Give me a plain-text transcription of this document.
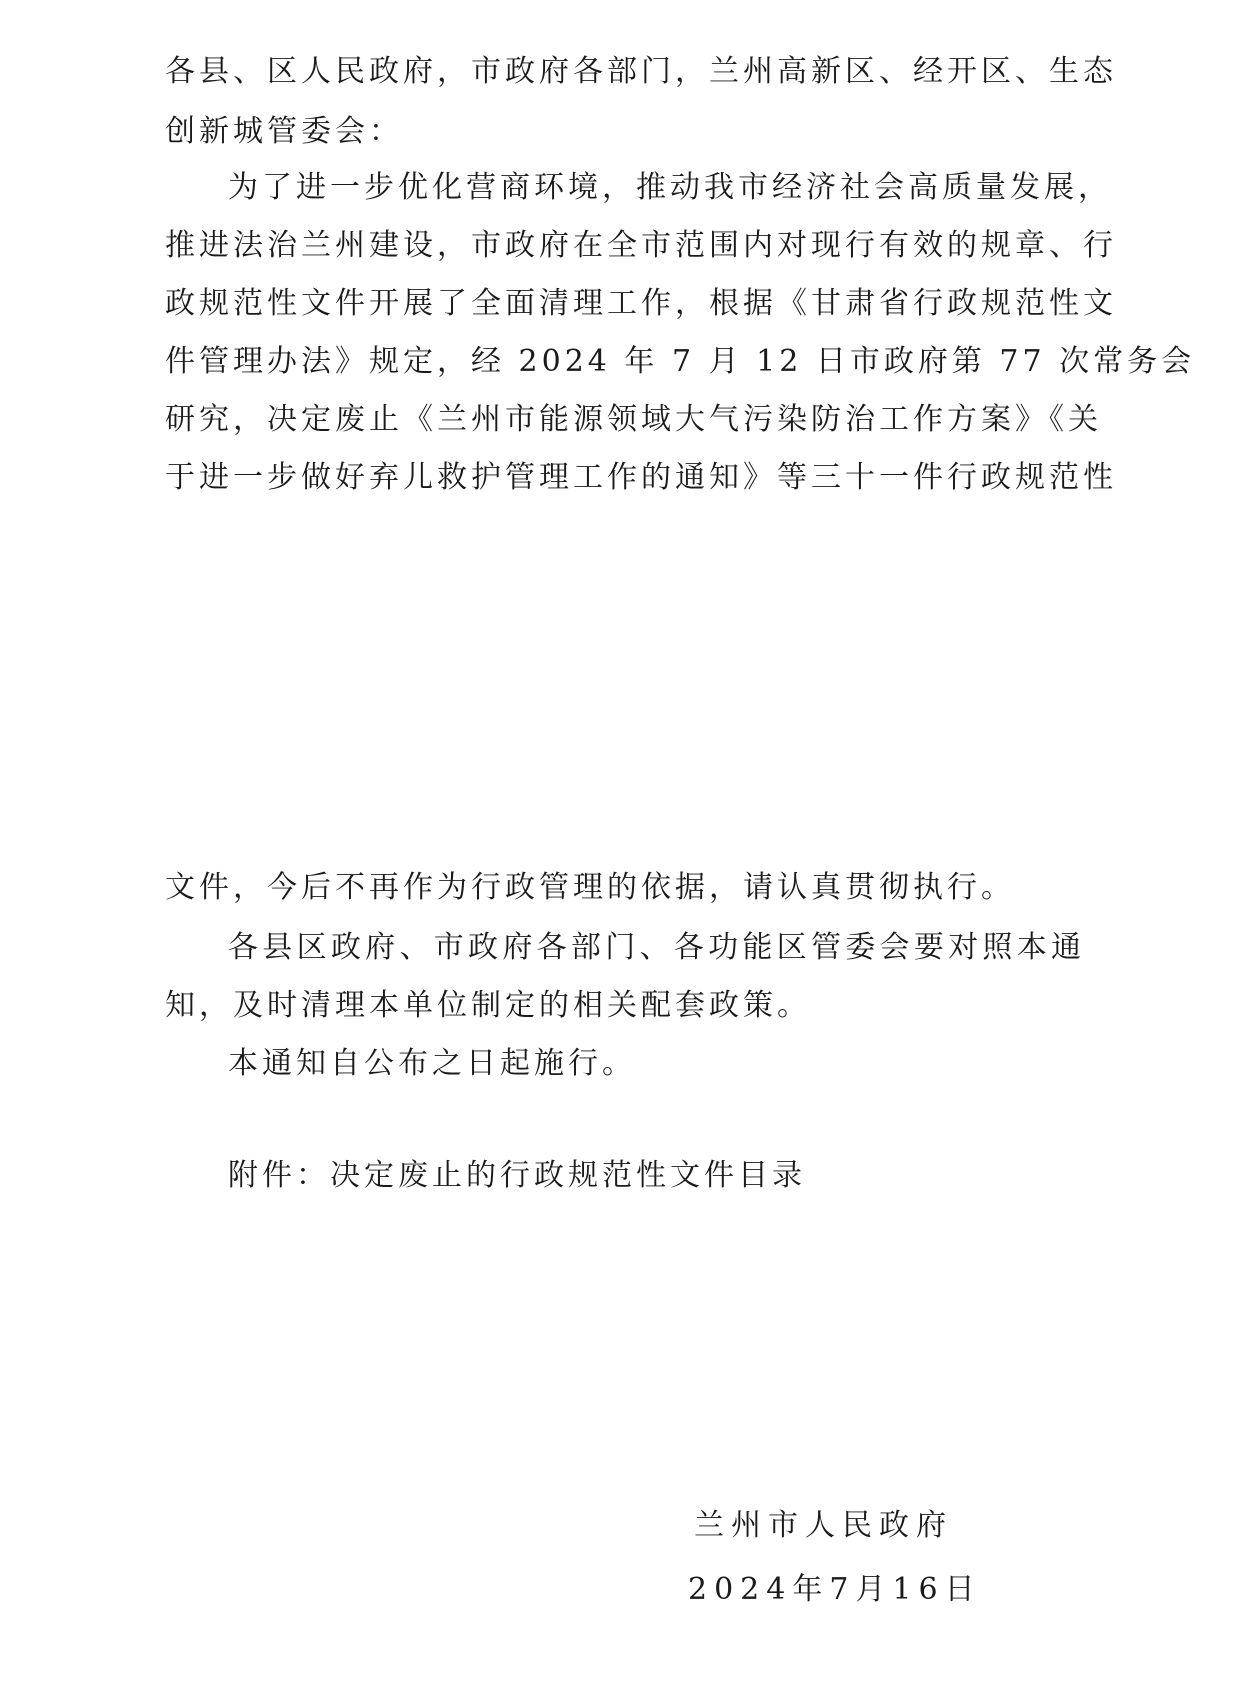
各县、区人民政府，市政府各部门，兰州高新区、经开区、生态
创新城管委会：
为了进一步优化营商环境，推动我市经济社会高质量发展，
推进法治兰州建设，市政府在全市范围内对现行有效的规章、行
政规范性文件开展了全面清理工作，根据《甘肃省行政规范性文
件管理办法》规定，经 2024 年 7 月 12 日市政府第 77 次常务会
研究，决定废止《兰州市能源领域大气污染防治工作方案》《关
于进一步做好弃儿救护管理工作的通知》等三十一件行政规范性
文件，今后不再作为行政管理的依据，请认真贯彻执行。
各县区政府、市政府各部门、各功能区管委会要对照本通
知，及时清理本单位制定的相关配套政策。
本通知自公布之日起施行。
附件：决定废止的行政规范性文件目录
兰州市人民政府
2024年7月16日
